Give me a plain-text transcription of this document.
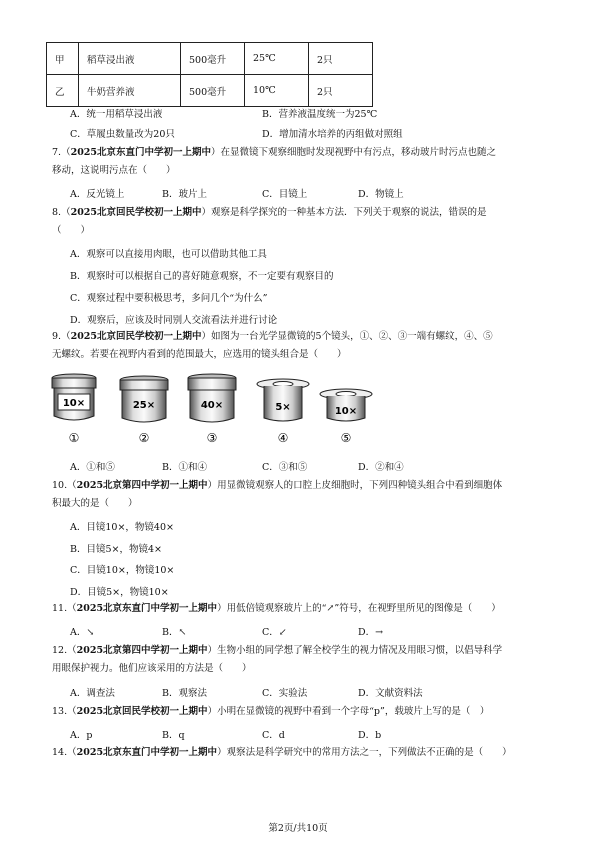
甲	稻草浸出液	500毫升	25℃	2只
乙	牛奶营养液	500毫升	10℃	2只
A．统一用稻草浸出液	B．营养液温度统一为25℃
C．草履虫数量改为20只	D．增加清水培养的丙组做对照组
7.（2025北京东直门中学初一上期中）在显微镜下观察细胞时发现视野中有污点，移动玻片时污点也随之
移动，这说明污点在（　　）
A．反光镜上	B．玻片上	C．目镜上	D．物镜上
8.（2025北京回民学校初一上期中）观察是科学探究的一种基本方法．下列关于观察的说法，错误的是
（　　）
A．观察可以直接用肉眼，也可以借助其他工具
B．观察时可以根据自己的喜好随意观察，不一定要有观察目的
C．观察过程中要积极思考，多问几个“为什么”
D．观察后，应该及时同别人交流看法并进行讨论
9.（2025北京回民学校初一上期中）如图为一台光学显微镜的5个镜头，①、②、③一端有螺纹，④、⑤
无螺纹。若要在视野内看到的范围最大，应选用的镜头组合是（　　）
10×
①
25×
②
40×
③
5×
④
10×
⑤
A．①和⑤	B．①和④	C．③和⑤	D．②和④
10.（2025北京第四中学初一上期中）用显微镜观察人的口腔上皮细胞时，下列四种镜头组合中看到细胞体
积最大的是（　　）
A．目镜10×，物镜40×
B．目镜5×，物镜4×
C．目镜10×，物镜10×
D．目镜5×，物镜10×
11.（2025北京东直门中学初一上期中）用低倍镜观察玻片上的“↗”符号，在视野里所见的图像是（　　）
A．↘	B．↖	C．↙	D．→
12.（2025北京第四中学初一上期中）生物小组的同学想了解全校学生的视力情况及用眼习惯，以倡导科学
用眼保护视力。他们应该采用的方法是（　　）
A．调查法	B．观察法	C．实验法	D．文献资料法
13.（2025北京回民学校初一上期中）小明在显微镜的视野中看到一个字母“p”，载玻片上写的是（　）
A．p	B．q	C．d	D．b
14.（2025北京东直门中学初一上期中）观察法是科学研究中的常用方法之一，下列做法不正确的是（　　）
第2页/共10页
